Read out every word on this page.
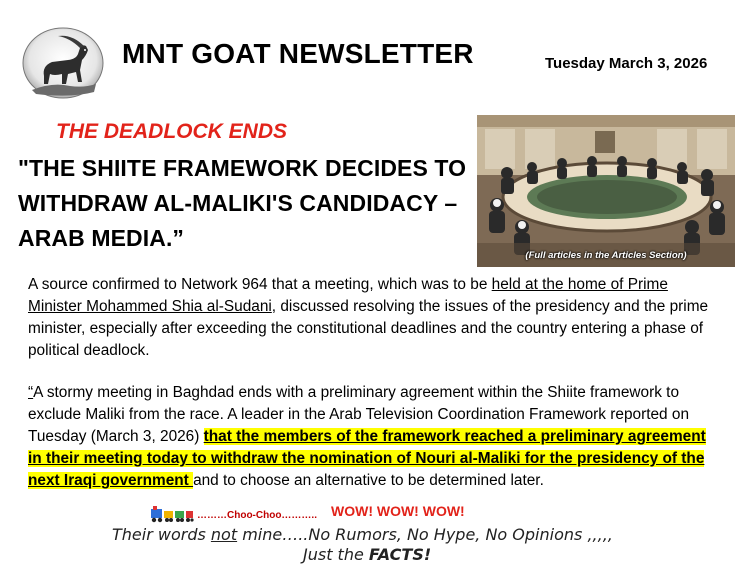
MNT GOAT NEWSLETTER	Tuesday March 3, 2026
THE DEADLOCK ENDS
"THE SHIITE FRAMEWORK DECIDES TO WITHDRAW AL-MALIKI'S CANDIDACY – ARAB MEDIA.”
(Full articles in the Articles Section)
A source confirmed to Network 964 that a meeting, which was to be held at the home of Prime Minister Mohammed Shia al-Sudani, discussed resolving the issues of the presidency and the prime minister, especially after exceeding the constitutional deadlines and the country entering a phase of political deadlock.
“A stormy meeting in Baghdad ends with a preliminary agreement within the Shiite framework to exclude Maliki from the race. A leader in the Arab Television Coordination Framework reported on Tuesday (March 3, 2026) that the members of the framework reached a preliminary agreement in their meeting today to withdraw the nomination of Nouri al-Maliki for the presidency of the next Iraqi government and to choose an alternative to be determined later.
………Choo-Choo……….. WOW! WOW! WOW!
Their words not mine…..No Rumors, No Hype, No Opinions ,,,,,
Just the FACTS!
